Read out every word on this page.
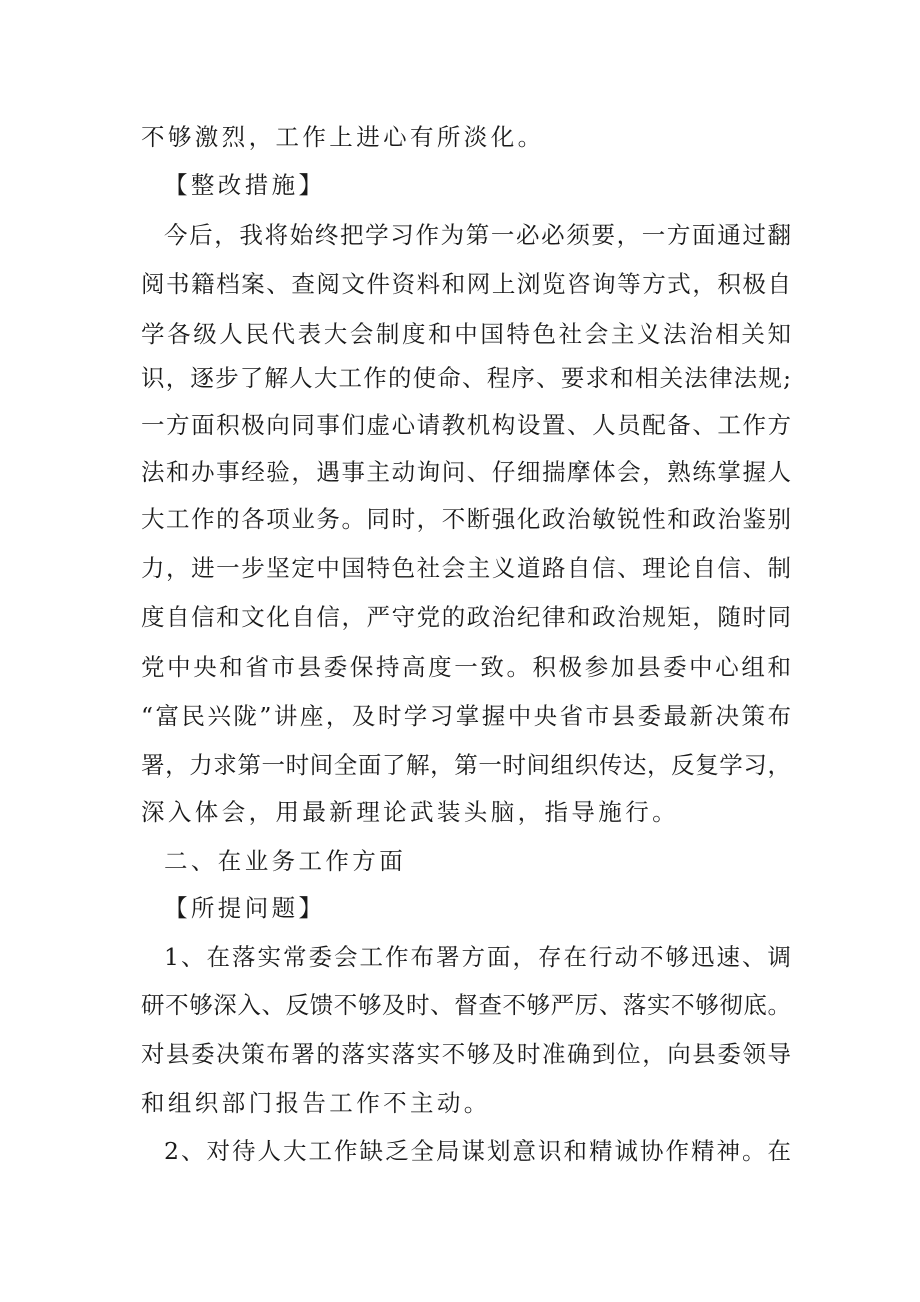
不够激烈，工作上进心有所淡化。
【整改措施】
今后，我将始终把学习作为第一必必须要，一方面通过翻
阅书籍档案、查阅文件资料和网上浏览咨询等方式，积极自
学各级人民代表大会制度和中国特色社会主义法治相关知
识，逐步了解人大工作的使命、程序、要求和相关法律法规;
一方面积极向同事们虚心请教机构设置、人员配备、工作方
法和办事经验，遇事主动询问、仔细揣摩体会，熟练掌握人
大工作的各项业务。同时，不断强化政治敏锐性和政治鉴别
力，进一步坚定中国特色社会主义道路自信、理论自信、制
度自信和文化自信，严守党的政治纪律和政治规矩，随时同
党中央和省市县委保持高度一致。积极参加县委中心组和
“富民兴陇”讲座，及时学习掌握中央省市县委最新决策布
署，力求第一时间全面了解，第一时间组织传达，反复学习，
深入体会，用最新理论武装头脑，指导施行。
二、在业务工作方面
【所提问题】
1、在落实常委会工作布署方面，存在行动不够迅速、调
研不够深入、反馈不够及时、督查不够严厉、落实不够彻底。
对县委决策布署的落实落实不够及时准确到位，向县委领导
和组织部门报告工作不主动。
2、对待人大工作缺乏全局谋划意识和精诚协作精神。在
